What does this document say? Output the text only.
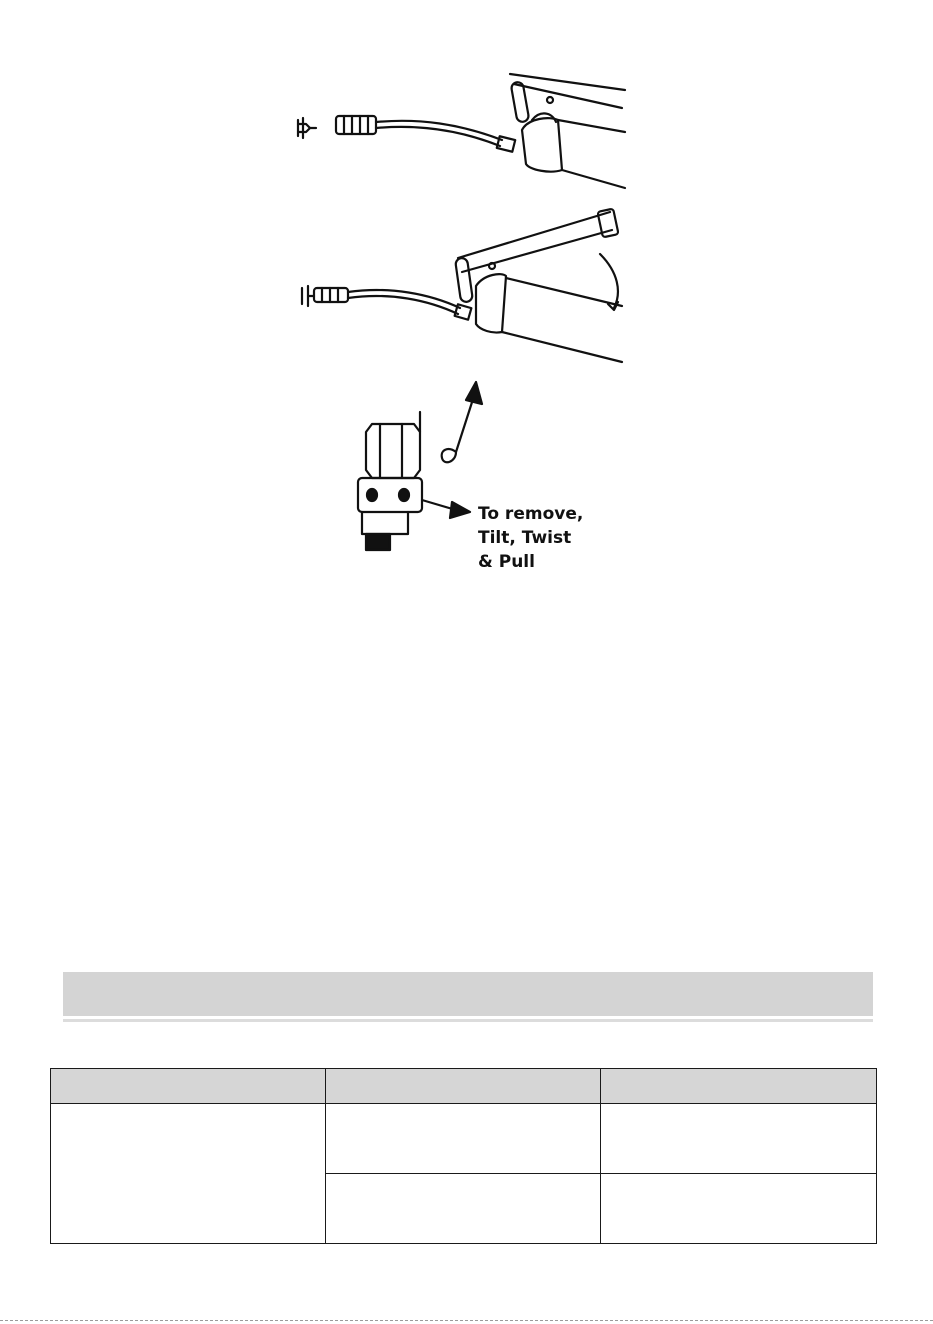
To remove,
Tilt, Twist
& Pull
